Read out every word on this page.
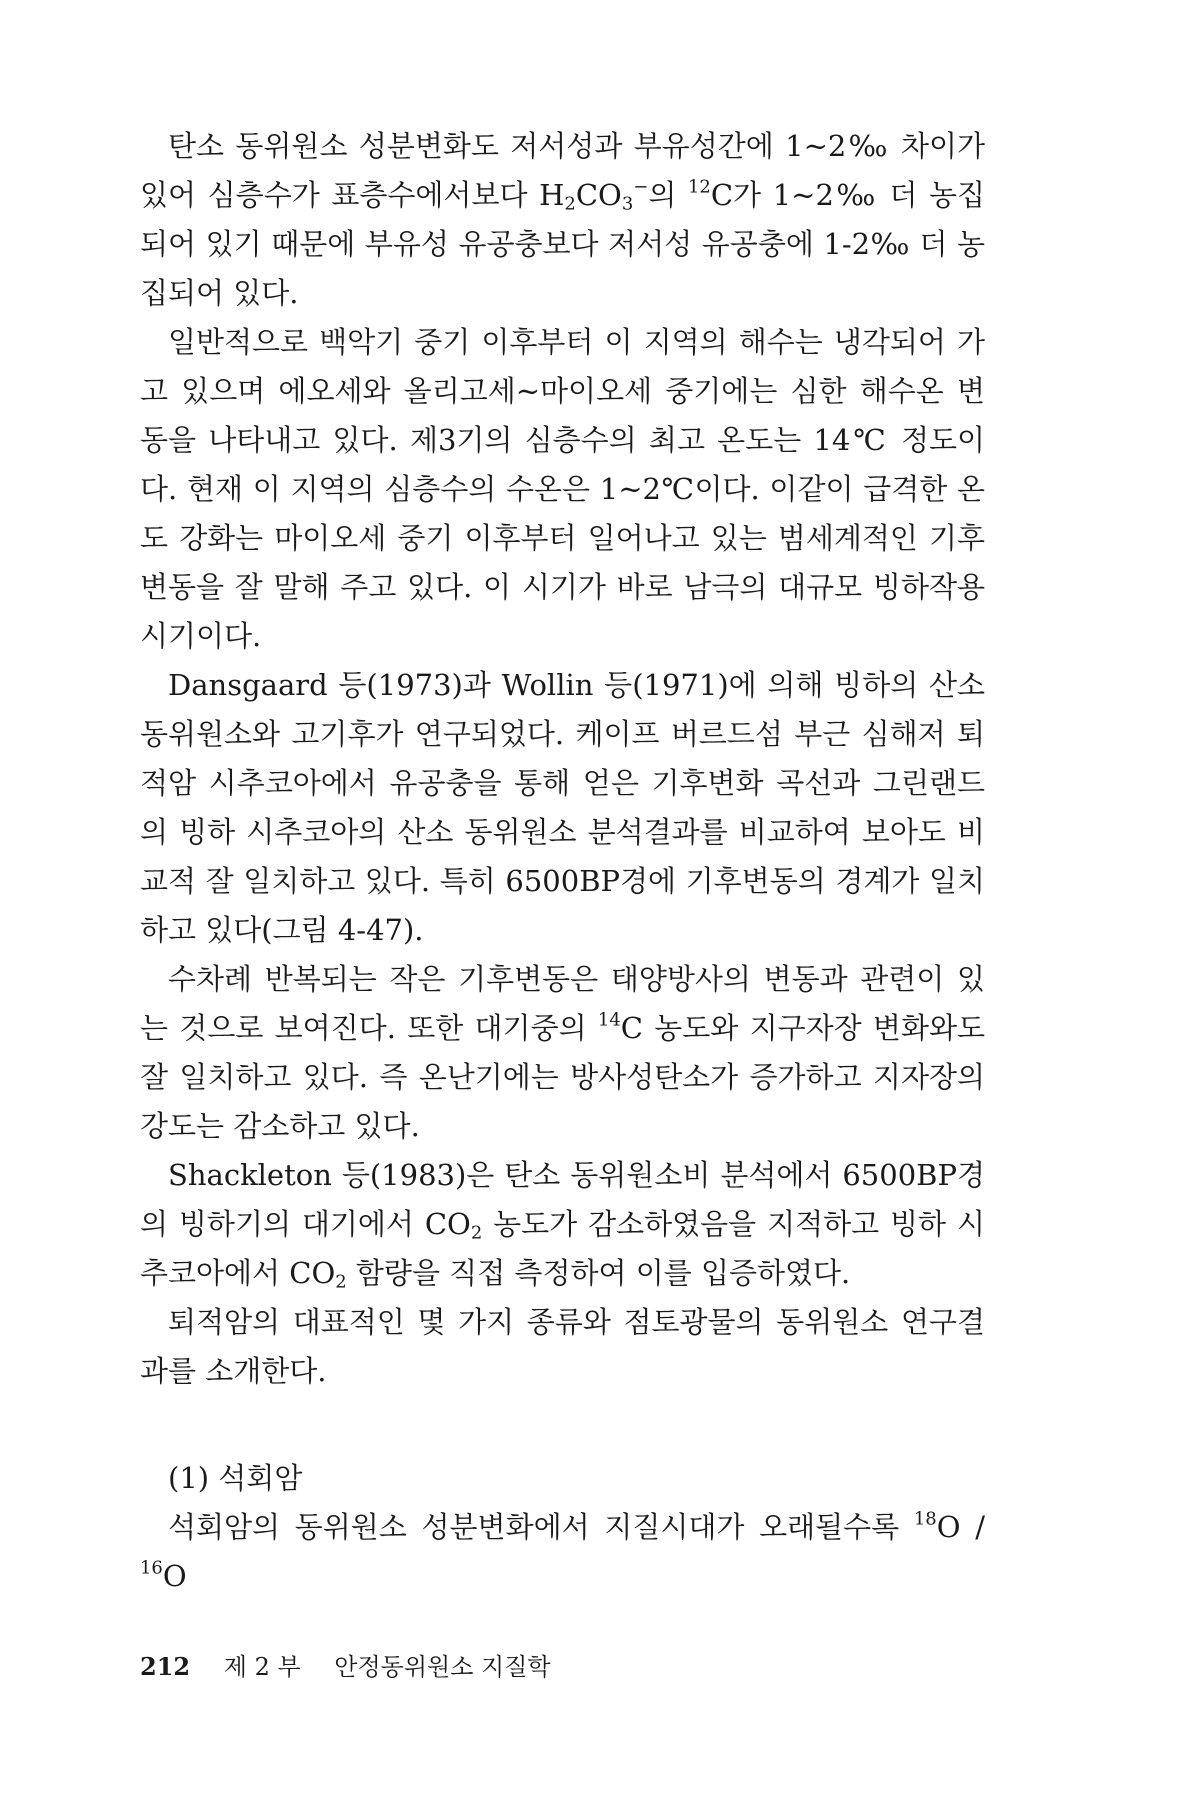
탄소 동위원소 성분변화도 저서성과 부유성간에 1∼2‰ 차이가 있어 심층수가 표층수에서보다 $H_2CO_3^-$의 $^{12}$C가 1∼2‰ 더 농집되어 있기 때문에 부유성 유공충보다 저서성 유공충에 1-2‰ 더 농집되어 있다.

일반적으로 백악기 중기 이후부터 이 지역의 해수는 냉각되어 가고 있으며 에오세와 올리고세∼마이오세 중기에는 심한 해수온 변동을 나타내고 있다. 제3기의 심층수의 최고 온도는 14℃ 정도이다. 현재 이 지역의 심층수의 수온은 1∼2℃이다. 이같이 급격한 온도 강화는 마이오세 중기 이후부터 일어나고 있는 범세계적인 기후변동을 잘 말해 주고 있다. 이 시기가 바로 남극의 대규모 빙하작용 시기이다.

Dansgaard 등(1973)과 Wollin 등(1971)에 의해 빙하의 산소 동위원소와 고기후가 연구되었다. 케이프 버르드섬 부근 심해저 퇴적암 시추코아에서 유공충을 통해 얻은 기후변화 곡선과 그린랜드의 빙하 시추코아의 산소 동위원소 분석결과를 비교하여 보아도 비교적 잘 일치하고 있다. 특히 6500BP경에 기후변동의 경계가 일치하고 있다(그림 4-47).

수차례 반복되는 작은 기후변동은 태양방사의 변동과 관련이 있는 것으로 보여진다. 또한 대기중의 $^{14}$C 농도와 지구자장 변화와도 잘 일치하고 있다. 즉 온난기에는 방사성탄소가 증가하고 지자장의 강도는 감소하고 있다.

Shackleton 등(1983)은 탄소 동위원소비 분석에서 6500BP경의 빙하기의 대기에서 $CO_2$ 농도가 감소하였음을 지적하고 빙하 시추코아에서 $CO_2$ 함량을 직접 측정하여 이를 입증하였다.

퇴적암의 대표적인 몇 가지 종류와 점토광물의 동위원소 연구결과를 소개한다.

(1) 석회암

석회암의 동위원소 성분변화에서 지질시대가 오래될수록 $^{18}$O / $^{16}$O

212 제 2 부 안정동위원소 지질학
